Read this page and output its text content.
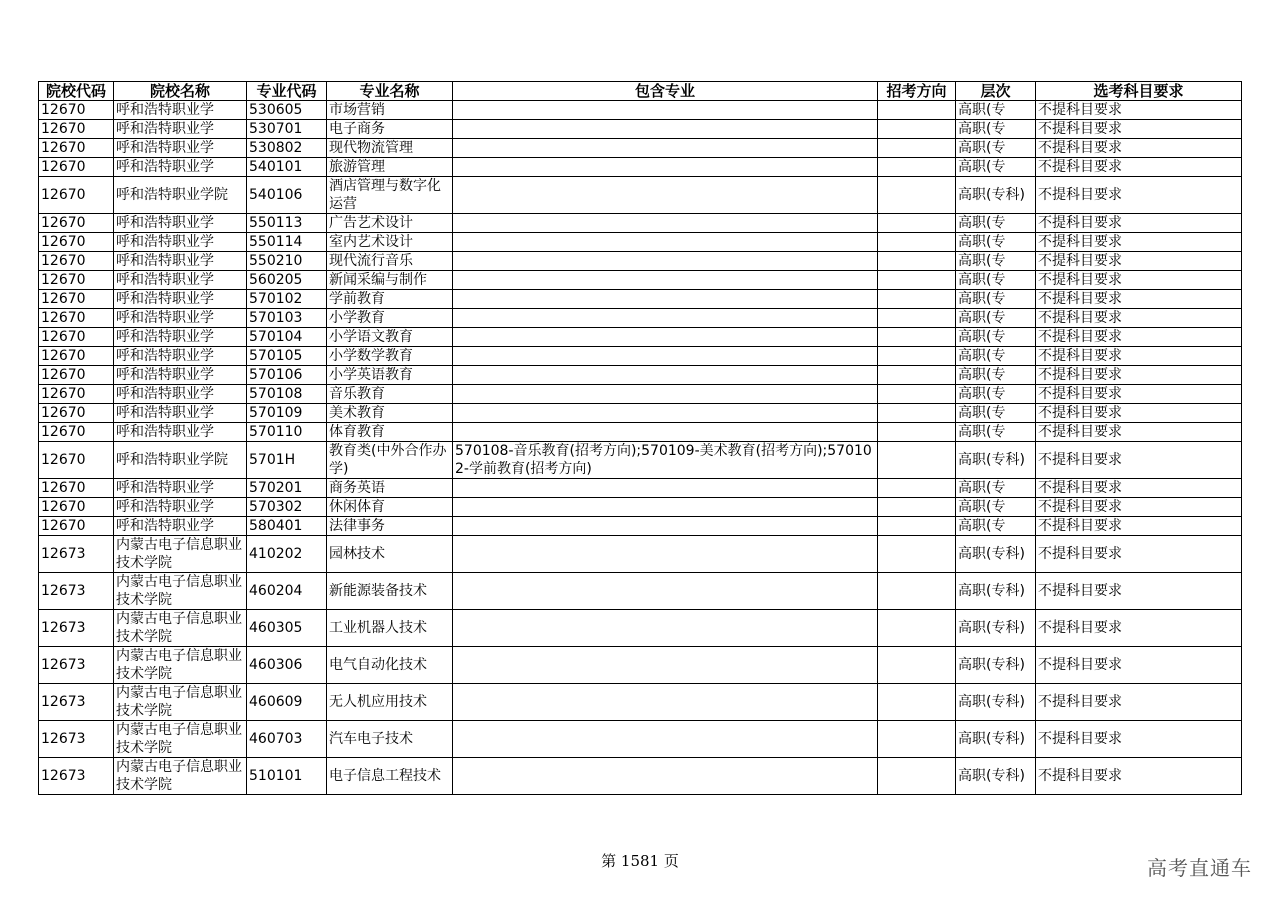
院校代码	院校名称	专业代码	专业名称	包含专业	招考方向	层次	选考科目要求
12670	呼和浩特职业学	530605	市场营销			高职(专	不提科目要求
12670	呼和浩特职业学	530701	电子商务			高职(专	不提科目要求
12670	呼和浩特职业学	530802	现代物流管理			高职(专	不提科目要求
12670	呼和浩特职业学	540101	旅游管理			高职(专	不提科目要求
12670	呼和浩特职业学院	540106	酒店管理与数字化运营			高职(专科)	不提科目要求
12670	呼和浩特职业学	550113	广告艺术设计			高职(专	不提科目要求
12670	呼和浩特职业学	550114	室内艺术设计			高职(专	不提科目要求
12670	呼和浩特职业学	550210	现代流行音乐			高职(专	不提科目要求
12670	呼和浩特职业学	560205	新闻采编与制作			高职(专	不提科目要求
12670	呼和浩特职业学	570102	学前教育			高职(专	不提科目要求
12670	呼和浩特职业学	570103	小学教育			高职(专	不提科目要求
12670	呼和浩特职业学	570104	小学语文教育			高职(专	不提科目要求
12670	呼和浩特职业学	570105	小学数学教育			高职(专	不提科目要求
12670	呼和浩特职业学	570106	小学英语教育			高职(专	不提科目要求
12670	呼和浩特职业学	570108	音乐教育			高职(专	不提科目要求
12670	呼和浩特职业学	570109	美术教育			高职(专	不提科目要求
12670	呼和浩特职业学	570110	体育教育			高职(专	不提科目要求
12670	呼和浩特职业学院	5701H	教育类(中外合作办学)	570108-音乐教育(招考方向);570109-美术教育(招考方向);570102-学前教育(招考方向)		高职(专科)	不提科目要求
12670	呼和浩特职业学	570201	商务英语			高职(专	不提科目要求
12670	呼和浩特职业学	570302	休闲体育			高职(专	不提科目要求
12670	呼和浩特职业学	580401	法律事务			高职(专	不提科目要求
12673	内蒙古电子信息职业技术学院	410202	园林技术			高职(专科)	不提科目要求
12673	内蒙古电子信息职业技术学院	460204	新能源装备技术			高职(专科)	不提科目要求
12673	内蒙古电子信息职业技术学院	460305	工业机器人技术			高职(专科)	不提科目要求
12673	内蒙古电子信息职业技术学院	460306	电气自动化技术			高职(专科)	不提科目要求
12673	内蒙古电子信息职业技术学院	460609	无人机应用技术			高职(专科)	不提科目要求
12673	内蒙古电子信息职业技术学院	460703	汽车电子技术			高职(专科)	不提科目要求
12673	内蒙古电子信息职业技术学院	510101	电子信息工程技术			高职(专科)	不提科目要求
第 1581 页	高考直通车
